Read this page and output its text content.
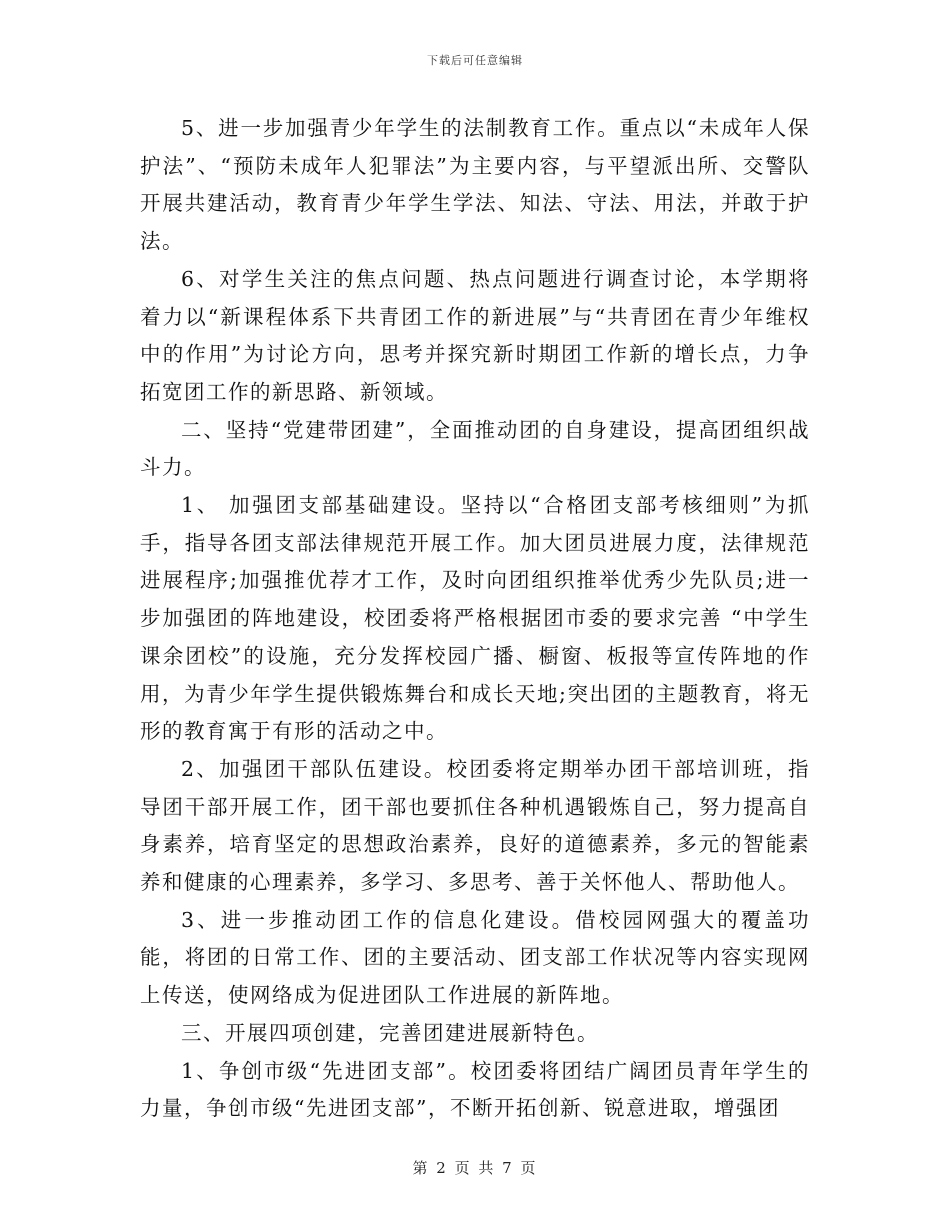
下载后可任意编辑

5、进一步加强青少年学生的法制教育工作。重点以“未成年人保护法”、“预防未成年人犯罪法”为主要内容，与平望派出所、交警队开展共建活动，教育青少年学生学法、知法、守法、用法，并敢于护法。

6、对学生关注的焦点问题、热点问题进行调查讨论，本学期将着力以“新课程体系下共青团工作的新进展”与“共青团在青少年维权中的作用”为讨论方向，思考并探究新时期团工作新的增长点，力争拓宽团工作的新思路、新领域。

二、坚持“党建带团建”，全面推动团的自身建设，提高团组织战斗力。

1、 加强团支部基础建设。坚持以“合格团支部考核细则”为抓手，指导各团支部法律规范开展工作。加大团员进展力度，法律规范进展程序;加强推优荐才工作，及时向团组织推举优秀少先队员;进一步加强团的阵地建设，校团委将严格根据团市委的要求完善 “中学生课余团校”的设施，充分发挥校园广播、橱窗、板报等宣传阵地的作用，为青少年学生提供锻炼舞台和成长天地;突出团的主题教育，将无形的教育寓于有形的活动之中。

2、加强团干部队伍建设。校团委将定期举办团干部培训班，指导团干部开展工作，团干部也要抓住各种机遇锻炼自己，努力提高自身素养，培育坚定的思想政治素养，良好的道德素养，多元的智能素养和健康的心理素养，多学习、多思考、善于关怀他人、帮助他人。

3、进一步推动团工作的信息化建设。借校园网强大的覆盖功能，将团的日常工作、团的主要活动、团支部工作状况等内容实现网上传送，使网络成为促进团队工作进展的新阵地。

三、开展四项创建，完善团建进展新特色。

1、争创市级“先进团支部”。校团委将团结广阔团员青年学生的力量，争创市级“先进团支部”，不断开拓创新、锐意进取，增强团

第 2 页 共 7 页
